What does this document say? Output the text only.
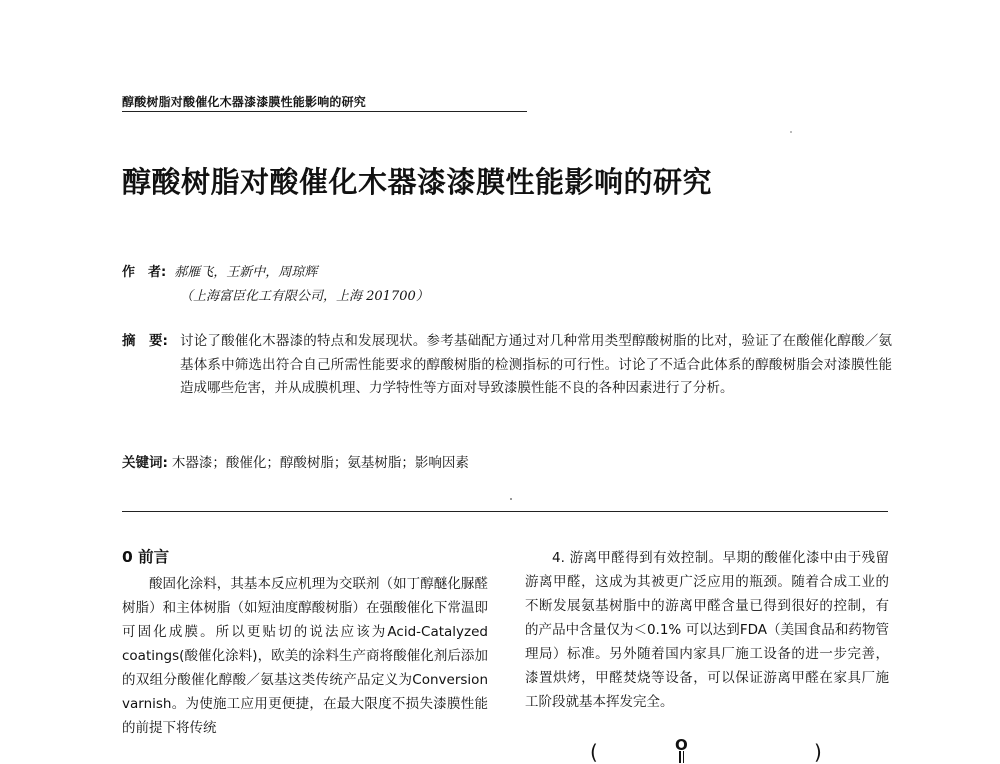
醇酸树脂对酸催化木器漆漆膜性能影响的研究
醇酸树脂对酸催化木器漆漆膜性能影响的研究
作　者: 郝雁飞，王新中，周琼辉
（上海富臣化工有限公司，上海 201700）
摘　要: 讨论了酸催化木器漆的特点和发展现状。参考基础配方通过对几种常用类型醇酸树脂的比对，验证了在酸催化醇酸／氨基体系中筛选出符合自己所需性能要求的醇酸树脂的检测指标的可行性。讨论了不适合此体系的醇酸树脂会对漆膜性能造成哪些危害，并从成膜机理、力学特性等方面对导致漆膜性能不良的各种因素进行了分析。
关键词: 木器漆；酸催化；醇酸树脂；氨基树脂；影响因素
0 前言

酸固化涂料，其基本反应机理为交联剂（如丁醇醚化脲醛树脂）和主体树脂（如短油度醇酸树脂）在强酸催化下常温即可固化成膜。所以更贴切的说法应该为Acid-Catalyzed coatings(酸催化涂料)，欧美的涂料生产商将酸催化剂后添加的双组分酸催化醇酸／氨基这类传统产品定义为Conversion varnish。为使施工应用更便捷，在最大限度不损失漆膜性能的前提下将传统

4. 游离甲醛得到有效控制。早期的酸催化漆中由于残留游离甲醛，这成为其被更广泛应用的瓶颈。随着合成工业的不断发展氨基树脂中的游离甲醛含量已得到很好的控制，有的产品中含量仅为＜0.1% 可以达到FDA（美国食品和药物管理局）标准。另外随着国内家具厂施工设备的进一步完善，漆置烘烤，甲醛焚烧等设备，可以保证游离甲醛在家具厂施工阶段就基本挥发完全。

(	O	)
